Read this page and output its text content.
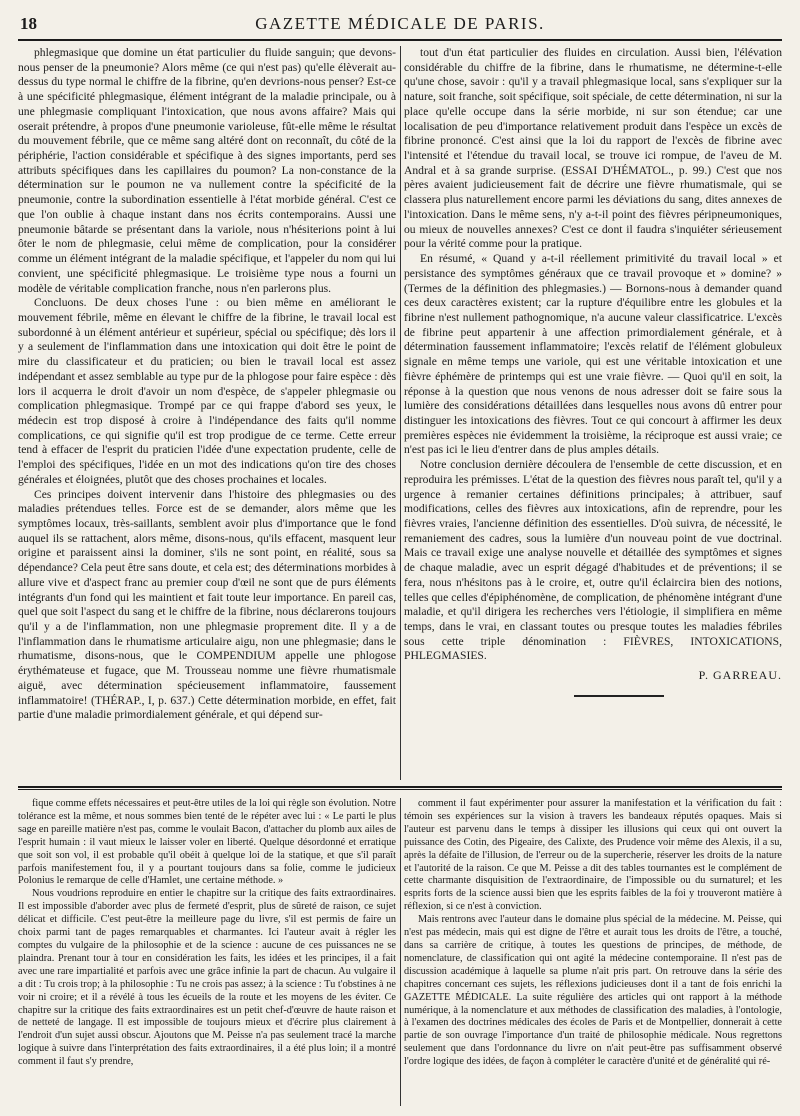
18	GAZETTE MÉDICALE DE PARIS.

phlegmasique que domine un état particulier du fluide sanguin; que devons-nous penser de la pneumonie? Alors même (ce qui n'est pas) qu'elle élèverait au-dessus du type normal le chiffre de la fibrine, qu'en devrions-nous penser? Est-ce à une spécificité phlegmasique, élément intégrant de la maladie principale, ou à une phlegmasie compliquant l'intoxication, que nous avons affaire? Mais qui oserait prétendre, à propos d'une pneumonie varioleuse, fût-elle même le résultat du mouvement fébrile, que ce même sang altéré dont on reconnaît, du côté de la périphérie, l'action considérable et spécifique à des signes importants, perd ses attributs spécifiques dans les capillaires du poumon? La non-constance de la détermination sur le poumon ne va nullement contre la spécificité de la pneumonie, contre la subordination essentielle à l'état morbide général. C'est ce que l'on oublie à chaque instant dans nos écrits contemporains. Aussi une pneumonie bâtarde se présentant dans la variole, nous n'hésiterions point à lui ôter le nom de phlegmasie, celui même de complication, pour la considérer comme un élément intégrant de la maladie spécifique, et l'appeler du nom qui lui convient, une spécificité phlegmasique. Le troisième type nous a fourni un modèle de véritable complication franche, nous n'en parlerons plus.

Concluons. De deux choses l'une : ou bien même en améliorant le mouvement fébrile, même en élevant le chiffre de la fibrine, le travail local est subordonné à un élément antérieur et supérieur, spécial ou spécifique; dès lors il y a seulement de l'inflammation dans une intoxication qui doit être le point de mire du classificateur et du praticien; ou bien le travail local est assez indépendant et assez semblable au type pur de la phlogose pour faire espèce : dès lors il acquerra le droit d'avoir un nom d'espèce, de s'appeler phlegmasie ou complication phlegmasique. Trompé par ce qui frappe d'abord ses yeux, le médecin est trop disposé à croire à l'indépendance des faits qu'il nomme complications, ce qui signifie qu'il est trop prodigue de ce terme. Cette erreur tend à effacer de l'esprit du praticien l'idée d'une expectation prudente, celle de l'emploi des spécifiques, l'idée en un mot des indications qu'on tire des choses générales et éloignées, plutôt que des choses prochaines et locales.

Ces principes doivent intervenir dans l'histoire des phlegmasies ou des maladies prétendues telles. Force est de se demander, alors même que les symptômes locaux, très-saillants, semblent avoir plus d'importance que le fond auquel ils se rattachent, alors même, disons-nous, qu'ils effacent, masquent leur origine et paraissent ainsi la dominer, s'ils ne sont point, en réalité, sous sa dépendance? Cela peut être sans doute, et cela est; des déterminations morbides à allure vive et d'aspect franc au premier coup d'œil ne sont que de purs éléments intégrants d'un fond qui les maintient et fait toute leur importance. En pareil cas, quel que soit l'aspect du sang et le chiffre de la fibrine, nous déclarerons toujours qu'il y a de l'inflammation, non une phlegmasie proprement dite. Il y a de l'inflammation dans le rhumatisme articulaire aigu, non une phlegmasie; dans le rhumatisme, disons-nous, que le COMPENDIUM appelle une phlogose érythémateuse et fugace, que M. Trousseau nomme une fièvre rhumatismale aiguë, avec détermination spécieusement inflammatoire, faussement inflammatoire! (THÉRAP., I, p. 637.) Cette détermination morbide, en effet, fait partie d'une maladie primordialement générale, et qui dépend sur-

tout d'un état particulier des fluides en circulation. Aussi bien, l'élévation considérable du chiffre de la fibrine, dans le rhumatisme, ne détermine-t-elle qu'une chose, savoir : qu'il y a travail phlegmasique local, sans s'expliquer sur la nature, soit franche, soit spécifique, soit spéciale, de cette détermination, ni sur la place qu'elle occupe dans la série morbide, ni sur son étendue; car une localisation de peu d'importance relativement produit dans l'espèce un excès de fibrine prononcé. C'est ainsi que la loi du rapport de l'excès de fibrine avec l'intensité et l'étendue du travail local, se trouve ici rompue, de l'aveu de M. Andral et à sa grande surprise. (ESSAI D'HÉMATOL., p. 99.) C'est que nos pères avaient judicieusement fait de décrire une fièvre rhumatismale, qui se classera plus naturellement encore parmi les déviations du sang, dites annexes de l'intoxication. Dans le même sens, n'y a-t-il point des fièvres péripneumoniques, ou mieux de nouvelles annexes? C'est ce dont il faudra s'inquiéter sérieusement pour la vérité comme pour la pratique.

En résumé, « Quand y a-t-il réellement primitivité du travail local » et persistance des symptômes généraux que ce travail provoque et » domine? » (Termes de la définition des phlegmasies.) — Bornons-nous à demander quand ces deux caractères existent; car la rupture d'équilibre entre les globules et la fibrine n'est nullement pathognomique, n'a aucune valeur classificatrice. L'excès de fibrine peut appartenir à une affection primordialement générale, et à détermination faussement inflammatoire; l'excès relatif de l'élément globuleux signale en même temps une variole, qui est une véritable intoxication et une fièvre éphémère de printemps qui est une vraie fièvre. — Quoi qu'il en soit, la réponse à la question que nous venons de nous adresser doit se faire sous la lumière des considérations détaillées dans lesquelles nous avons dû entrer pour distinguer les intoxications des fièvres. Tout ce qui concourt à affirmer les deux premières espèces nie évidemment la troisième, la réciproque est aussi vraie; ce n'est pas ici le lieu d'entrer dans de plus amples détails.

Notre conclusion dernière découlera de l'ensemble de cette discussion, et en reproduira les prémisses. L'état de la question des fièvres nous paraît tel, qu'il y a urgence à remanier certaines définitions principales; à attribuer, sauf modifications, celles des fièvres aux intoxications, afin de reprendre, pour les fièvres vraies, l'ancienne définition des essentielles. D'où suivra, de nécessité, le remaniement des cadres, sous la lumière d'un nouveau point de vue doctrinal. Mais ce travail exige une analyse nouvelle et détaillée des symptômes et signes de chaque maladie, avec un esprit dégagé d'habitudes et de préventions; il se fera, nous n'hésitons pas à le croire, et, outre qu'il éclaircira bien des notions, telles que celles d'épiphénomène, de complication, de phénomène intégrant d'une maladie, et qu'il dirigera les recherches vers l'étiologie, il simplifiera en même temps, dans le vrai, en classant toutes ou presque toutes les maladies fébriles sous cette triple dénomination : FIÈVRES, INTOXICATIONS, PHLEGMASIES.

P. GARREAU.

fique comme effets nécessaires et peut-être utiles de la loi qui règle son évolution. Notre tolérance est la même, et nous sommes bien tenté de le répéter avec lui : « Le parti le plus sage en pareille matière n'est pas, comme le voulait Bacon, d'attacher du plomb aux ailes de l'esprit humain : il vaut mieux le laisser voler en liberté. Quelque désordonné et erratique que soit son vol, il est probable qu'il obéit à quelque loi de la statique, et que s'il paraît parfois manifestement fou, il y a pourtant toujours dans sa folie, comme le judicieux Polonius le remarque de celle d'Hamlet, une certaine méthode. »

Nous voudrions reproduire en entier le chapitre sur la critique des faits extraordinaires. Il est impossible d'aborder avec plus de fermeté d'esprit, plus de sûreté de raison, ce sujet délicat et difficile. C'est peut-être la meilleure page du livre, s'il est permis de faire un choix parmi tant de pages remarquables et charmantes. Ici l'auteur avait à régler les comptes du vulgaire de la philosophie et de la science : aucune de ces puissances ne se plaindra. Prenant tour à tour en considération les faits, les idées et les principes, il a fait avec une rare impartialité et parfois avec une grâce infinie la part de chacun. Au vulgaire il a dit : Tu crois trop; à la philosophie : Tu ne crois pas assez; à la science : Tu t'obstines à ne voir ni croire; et il a révélé à tous les écueils de la route et les moyens de les éviter. Ce chapitre sur la critique des faits extraordinaires est un petit chef-d'œuvre de haute raison et de netteté de langage. Il est impossible de toujours mieux et d'écrire plus clairement à l'endroit d'un sujet aussi obscur. Ajoutons que M. Peisse n'a pas seulement tracé la marche logique à suivre dans l'interprétation des faits extraordinaires, il a été plus loin; il a montré comment il faut s'y prendre,

comment il faut expérimenter pour assurer la manifestation et la vérification du fait : témoin ses expériences sur la vision à travers les bandeaux réputés opaques. Mais si l'auteur est parvenu dans le temps à dissiper les illusions qui ceux qui ont ouvert la puissance des Cotin, des Pigeaire, des Calixte, des Prudence voir même des Alexis, il a su, après la défaite de l'illusion, de l'erreur ou de la supercherie, réserver les droits de la nature et l'autorité de la raison. Ce que M. Peisse a dit des tables tournantes est le complément de cette charmante disquisition de l'extraordinaire, de l'impossible ou du surnaturel; et les esprits forts de la science aussi bien que les esprits faibles de la foi y trouveront matière à réflexion, si ce n'est à conviction.

Mais rentrons avec l'auteur dans le domaine plus spécial de la médecine. M. Peisse, qui n'est pas médecin, mais qui est digne de l'être et aurait tous les droits de l'être, a touché, dans sa carrière de critique, à toutes les questions de principes, de méthode, de nomenclature, de classification qui ont agité la médecine contemporaine. Il n'est pas de discussion académique à laquelle sa plume n'ait pris part. On retrouve dans la série des chapitres concernant ces sujets, les réflexions judicieuses dont il a tant de fois enrichi la GAZETTE MÉDICALE. La suite régulière des articles qui ont rapport à la méthode numérique, à la nomenclature et aux méthodes de classification des maladies, à l'ontologie, à l'examen des doctrines médicales des écoles de Paris et de Montpellier, donnerait à cette partie de son ouvrage l'importance d'un traité de philosophie médicale. Nous regrettons seulement que dans l'ordonnance du livre on n'ait peut-être pas suffisamment observé l'ordre logique des idées, de façon à compléter le caractère d'unité et de généralité qui ré-
